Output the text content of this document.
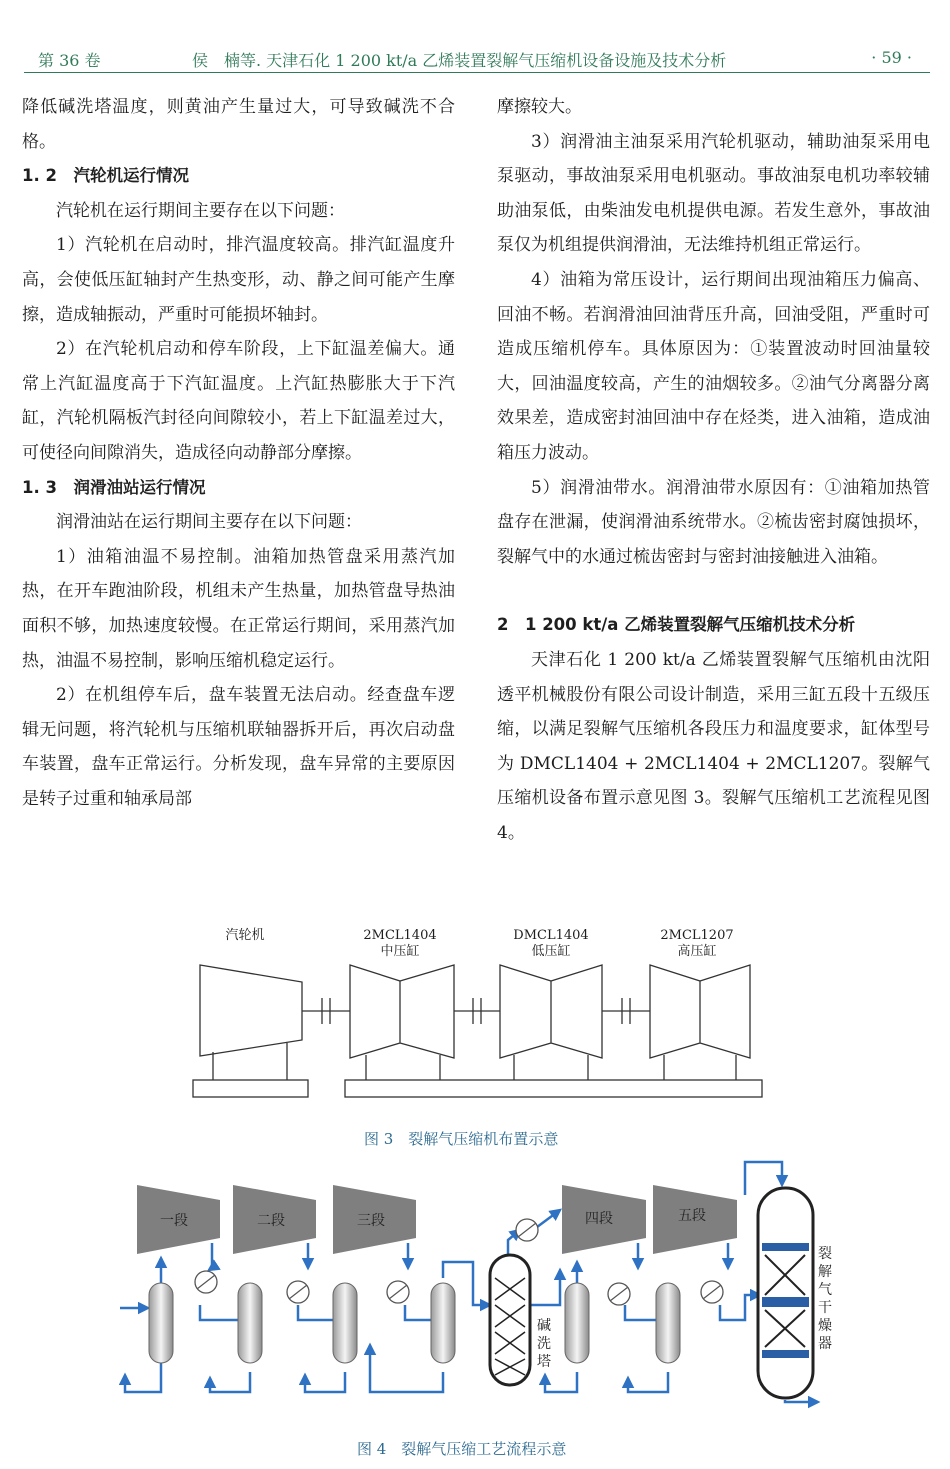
第 36 卷	侯　楠等. 天津石化 1 200 kt/a 乙烯装置裂解气压缩机设备设施及技术分析	· 59 ·

降低碱洗塔温度，则黄油产生量过大，可导致碱洗不合格。

1. 2　汽轮机运行情况

汽轮机在运行期间主要存在以下问题：

1）汽轮机在启动时，排汽温度较高。排汽缸温度升高，会使低压缸轴封产生热变形，动、静之间可能产生摩擦，造成轴振动，严重时可能损坏轴封。

2）在汽轮机启动和停车阶段，上下缸温差偏大。通常上汽缸温度高于下汽缸温度。上汽缸热膨胀大于下汽缸，汽轮机隔板汽封径向间隙较小，若上下缸温差过大，可使径向间隙消失，造成径向动静部分摩擦。

1. 3　润滑油站运行情况

润滑油站在运行期间主要存在以下问题：

1）油箱油温不易控制。油箱加热管盘采用蒸汽加热，在开车跑油阶段，机组未产生热量，加热管盘导热油面积不够，加热速度较慢。在正常运行期间，采用蒸汽加热，油温不易控制，影响压缩机稳定运行。

2）在机组停车后，盘车装置无法启动。经查盘车逻辑无问题，将汽轮机与压缩机联轴器拆开后，再次启动盘车装置，盘车正常运行。分析发现，盘车异常的主要原因是转子过重和轴承局部

摩擦较大。

3）润滑油主油泵采用汽轮机驱动，辅助油泵采用电泵驱动，事故油泵采用电机驱动。事故油泵电机功率较辅助油泵低，由柴油发电机提供电源。若发生意外，事故油泵仅为机组提供润滑油，无法维持机组正常运行。

4）油箱为常压设计，运行期间出现油箱压力偏高、回油不畅。若润滑油回油背压升高，回油受阻，严重时可造成压缩机停车。具体原因为：①装置波动时回油量较大，回油温度较高，产生的油烟较多。②油气分离器分离效果差，造成密封油回油中存在烃类，进入油箱，造成油箱压力波动。

5）润滑油带水。润滑油带水原因有：①油箱加热管盘存在泄漏，使润滑油系统带水。②梳齿密封腐蚀损坏，裂解气中的水通过梳齿密封与密封油接触进入油箱。

2　1 200 kt/a 乙烯装置裂解气压缩机技术分析

天津石化 1 200 kt/a 乙烯装置裂解气压缩机由沈阳透平机械股份有限公司设计制造，采用三缸五段十五级压缩，以满足裂解气压缩机各段压力和温度要求，缸体型号为 DMCL1404 + 2MCL1404 + 2MCL1207。裂解气压缩机设备布置示意见图 3。裂解气压缩机工艺流程见图 4。

汽轮机	2MCL1404
中压缸
DMCL1404
低压缸
2MCL1207
高压缸
图 3　裂解气压缩机布置示意
一段	二段	三段	四段	五段
碱
洗
塔
裂
解
气
干
燥
器
图 4　裂解气压缩工艺流程示意
